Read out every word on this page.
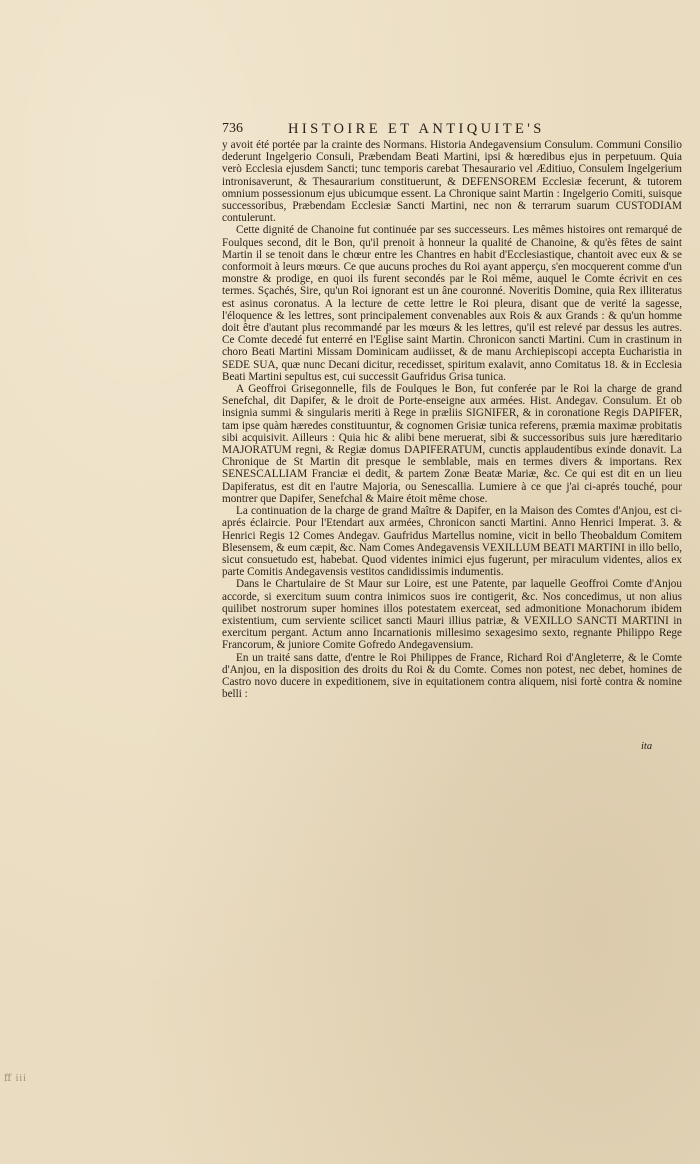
736	HISTOIRE ET ANTIQUITE'S

y avoit été portée par la crainte des Normans. Historia Andegavensium Consulum. Communi Consilio dederunt Ingelgerio Consuli, Præbendam Beati Martini, ipsi & hœredibus ejus in perpetuum. Quia verò Ecclesia ejusdem Sancti; tunc temporis carebat Thesaurario vel Æditiuo, Consulem Ingelgerium intronisaverunt, & Thesaurarium constituerunt, & DEFENSOREM Ecclesiæ fecerunt, & tutorem omnium possessionum ejus ubicumque essent. La Chronique saint Martin : Ingelgerio Comiti, suisque successoribus, Præbendam Ecclesiæ Sancti Martini, nec non & terrarum suarum CUSTODIAM contulerunt.

Cette dignité de Chanoine fut continuée par ses successeurs. Les mêmes histoires ont remarqué de Foulques second, dit le Bon, qu'il prenoit à honneur la qualité de Chanoine, & qu'ès fêtes de saint Martin il se tenoit dans le chœur entre les Chantres en habit d'Ecclesiastique, chantoit avec eux & se conformoit à leurs mœurs. Ce que aucuns proches du Roi ayant apperçu, s'en mocquerent comme d'un monstre & prodige, en quoi ils furent secondés par le Roi même, auquel le Comte écrivit en ces termes. Sçachés, Sire, qu'un Roi ignorant est un âne couronné. Noveritis Domine, quia Rex illiteratus est asinus coronatus. A la lecture de cette lettre le Roi pleura, disant que de verité la sagesse, l'éloquence & les lettres, sont principalement convenables aux Rois & aux Grands : & qu'un homme doit être d'autant plus recommandé par les mœurs & les lettres, qu'il est relevé par dessus les autres. Ce Comte decedé fut enterré en l'Eglise saint Martin. Chronicon sancti Martini. Cum in crastinum in choro Beati Martini Missam Dominicam audiisset, & de manu Archiepiscopi accepta Eucharistia in SEDE SUA, quæ nunc Decani dicitur, recedisset, spiritum exalavit, anno Comitatus 18. & in Ecclesia Beati Martini sepultus est, cui successit Gaufridus Grisa tunica.

A Geoffroi Grisegonnelle, fils de Foulques le Bon, fut conferée par le Roi la charge de grand Senefchal, dit Dapifer, & le droit de Porte-enseigne aux armées. Hist. Andegav. Consulum. Et ob insignia summi & singularis meriti à Rege in præliis SIGNIFER, & in coronatione Regis DAPIFER, tam ipse quàm hæredes constituuntur, & cognomen Grisiæ tunica referens, præmia maximæ probitatis sibi acquisivit. Ailleurs : Quia hic & alibi bene meruerat, sibi & successoribus suis jure hæreditario MAJORATUM regni, & Regiæ domus DAPIFERATUM, cunctis applaudentibus exinde donavit. La Chronique de St Martin dit presque le semblable, mais en termes divers & importans. Rex SENESCALLIAM Franciæ ei dedit, & partem Zonæ Beatæ Mariæ, &c. Ce qui est dit en un lieu Dapiferatus, est dit en l'autre Majoria, ou Senescallia. Lumiere à ce que j'ai ci-aprés touché, pour montrer que Dapifer, Senefchal & Maire étoit même chose.

La continuation de la charge de grand Maître & Dapifer, en la Maison des Comtes d'Anjou, est ci-aprés éclaircie. Pour l'Etendart aux armées, Chronicon sancti Martini. Anno Henrici Imperat. 3. & Henrici Regis 12 Comes Andegav. Gaufridus Martellus nomine, vicit in bello Theobaldum Comitem Blesensem, & eum cæpit, &c. Nam Comes Andegavensis VEXILLUM BEATI MARTINI in illo bello, sicut consuetudo est, habebat. Quod videntes inimici ejus fugerunt, per miraculum videntes, alios ex parte Comitis Andegavensis vestitos candidissimis indumentis.

Dans le Chartulaire de St Maur sur Loire, est une Patente, par laquelle Geoffroi Comte d'Anjou accorde, si exercitum suum contra inimicos suos ire contigerit, &c. Nos concedimus, ut non alius quilibet nostrorum super homines illos potestatem exerceat, sed admonitione Monachorum ibidem existentium, cum serviente scilicet sancti Mauri illius patriæ, & VEXILLO SANCTI MARTINI in exercitum pergant. Actum anno Incarnationis millesimo sexagesimo sexto, regnante Philippo Rege Francorum, & juniore Comite Gofredo Andegavensium.

En un traité sans datte, d'entre le Roi Philippes de France, Richard Roi d'Angleterre, & le Comte d'Anjou, en la disposition des droits du Roi & du Comte. Comes non potest, nec debet, homines de Castro novo ducere in expeditionem, sive in equitationem contra aliquem, nisi fortè contra & nomine belli :

ita
ﬀ iii
